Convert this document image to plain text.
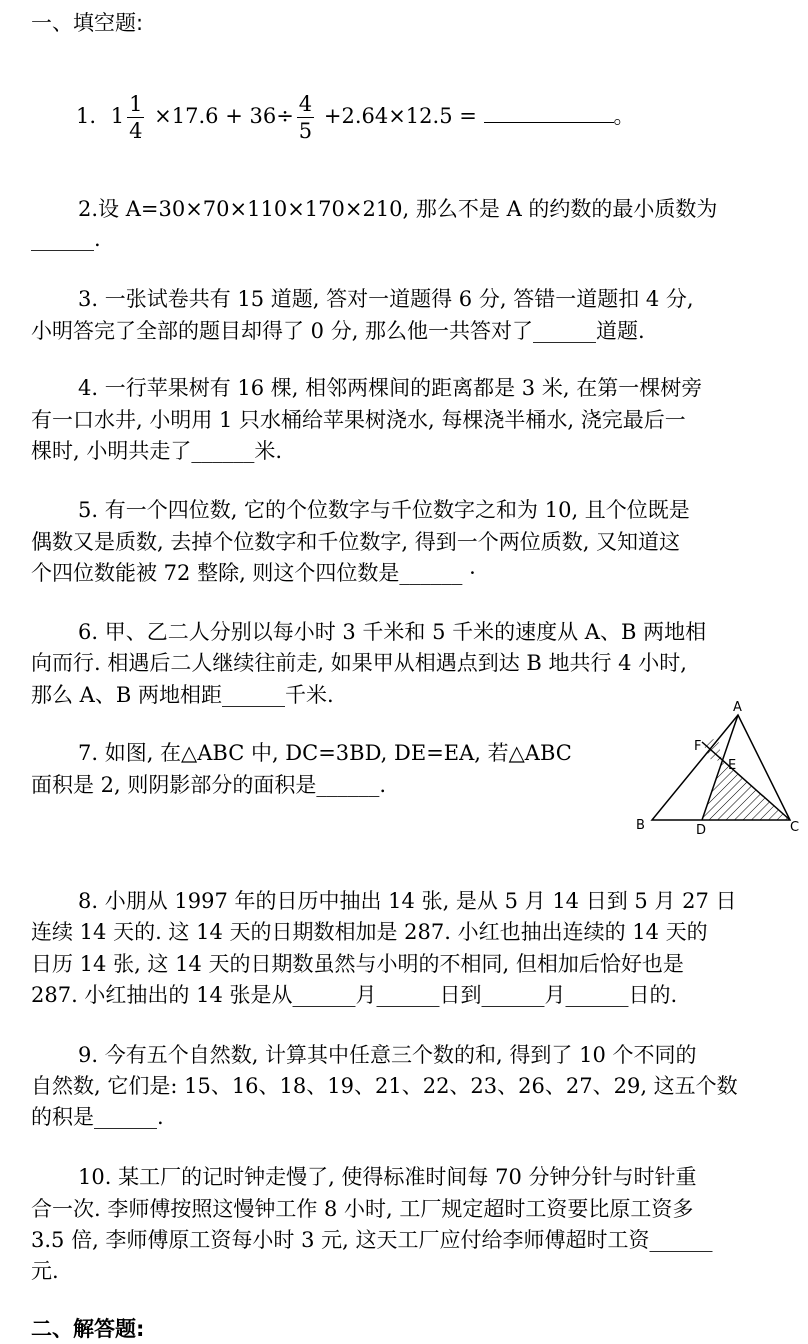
一、填空题:
1. $1 \frac{1}{4} \times 17.6 + 36\div \frac{4}{5} +2.64\times 12.5$ =	。
2.设 A=30×70×110×170×210, 那么不是 A 的约数的最小质数为
______.
3. 一张试卷共有 15 道题, 答对一道题得 6 分, 答错一道题扣 4 分,
小明答完了全部的题目却得了 0 分, 那么他一共答对了______道题.
4. 一行苹果树有 16 棵, 相邻两棵间的距离都是 3 米, 在第一棵树旁
有一口水井, 小明用 1 只水桶给苹果树浇水, 每棵浇半桶水, 浇完最后一
棵时, 小明共走了______米.
5. 有一个四位数, 它的个位数字与千位数字之和为 10, 且个位既是
偶数又是质数, 去掉个位数字和千位数字, 得到一个两位质数, 又知道这
个四位数能被 72 整除, 则这个四位数是______ ·
6. 甲、乙二人分别以每小时 3 千米和 5 千米的速度从 A、B 两地相
向而行. 相遇后二人继续往前走, 如果甲从相遇点到达 B 地共行 4 小时,
那么 A、B 两地相距______千米.
7. 如图, 在△ABC 中, DC=3BD, DE=EA, 若△ABC
面积是 2, 则阴影部分的面积是______.
A
B	C
D
E
F
8. 小朋从 1997 年的日历中抽出 14 张, 是从 5 月 14 日到 5 月 27 日
连续 14 天的. 这 14 天的日期数相加是 287. 小红也抽出连续的 14 天的
日历 14 张, 这 14 天的日期数虽然与小明的不相同, 但相加后恰好也是
287. 小红抽出的 14 张是从______月______日到______月______日的.
9. 今有五个自然数, 计算其中任意三个数的和, 得到了 10 个不同的
自然数, 它们是: 15、16、18、19、21、22、23、26、27、29, 这五个数
的积是______.
10. 某工厂的记时钟走慢了, 使得标准时间每 70 分钟分针与时针重
合一次. 李师傅按照这慢钟工作 8 小时, 工厂规定超时工资要比原工资多
3.5 倍, 李师傅原工资每小时 3 元, 这天工厂应付给李师傅超时工资______
元.
二、解答题:
